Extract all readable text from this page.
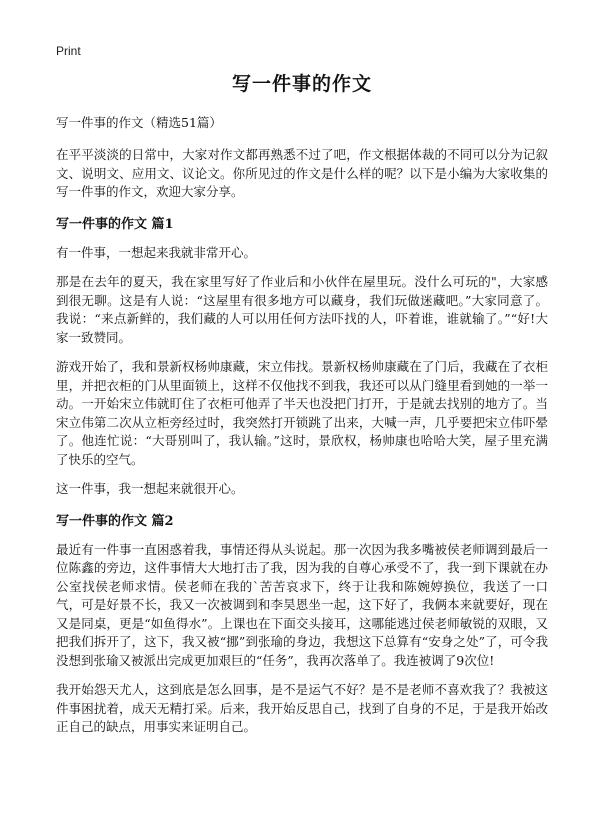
Print
写一件事的作文
写一件事的作文（精选51篇）

在平平淡淡的日常中，大家对作文都再熟悉不过了吧，作文根据体裁的不同可以分为记叙文、说明文、应用文、议论文。你所见过的作文是什么样的呢？以下是小编为大家收集的写一件事的作文，欢迎大家分享。

写一件事的作文 篇1

有一件事，一想起来我就非常开心。

那是在去年的夏天，我在家里写好了作业后和小伙伴在屋里玩。没什么可玩的"，大家感到很无聊。这是有人说：“这屋里有很多地方可以藏身，我们玩做迷藏吧。”大家同意了。我说：“来点新鲜的，我们藏的人可以用任何方法吓找的人，吓着谁，谁就输了。”“好!大家一致赞同。

游戏开始了，我和景新权杨帅康藏，宋立伟找。景新权杨帅康藏在了门后，我藏在了衣柜里，并把衣柜的门从里面锁上，这样不仅他找不到我，我还可以从门缝里看到她的一举一动。一开始宋立伟就盯住了衣柜可他弄了半天也没把门打开，于是就去找别的地方了。当宋立伟第二次从立柜旁经过时，我突然打开锁跳了出来，大喊一声，几乎要把宋立伟吓晕了。他连忙说：“大哥别叫了，我认输。”这时，景欣权，杨帅康也哈哈大笑，屋子里充满了快乐的空气。

这一件事，我一想起来就很开心。

写一件事的作文 篇2

最近有一件事一直困惑着我，事情还得从头说起。那一次因为我多嘴被侯老师调到最后一位陈鑫的旁边，这件事情大大地打击了我，因为我的自尊心承受不了，我一到下课就在办公室找侯老师求情。侯老师在我的`苦苦哀求下，终于让我和陈婉婷换位，我送了一口气，可是好景不长，我又一次被调到和李昊恩坐一起，这下好了，我俩本来就要好，现在又是同桌，更是“如鱼得水”。上课也在下面交头接耳，这哪能逃过侯老师敏锐的双眼，又把我们拆开了，这下，我又被“挪”到张瑜的身边，我想这下总算有“安身之处”了，可令我没想到张瑜又被派出完成更加艰巨的“任务”，我再次落单了。我连被调了9次位!

我开始怨天尤人，这到底是怎么回事，是不是运气不好？是不是老师不喜欢我了？我被这件事困扰着，成天无精打采。后来，我开始反思自己，找到了自身的不足，于是我开始改正自己的缺点，用事实来证明自己。
